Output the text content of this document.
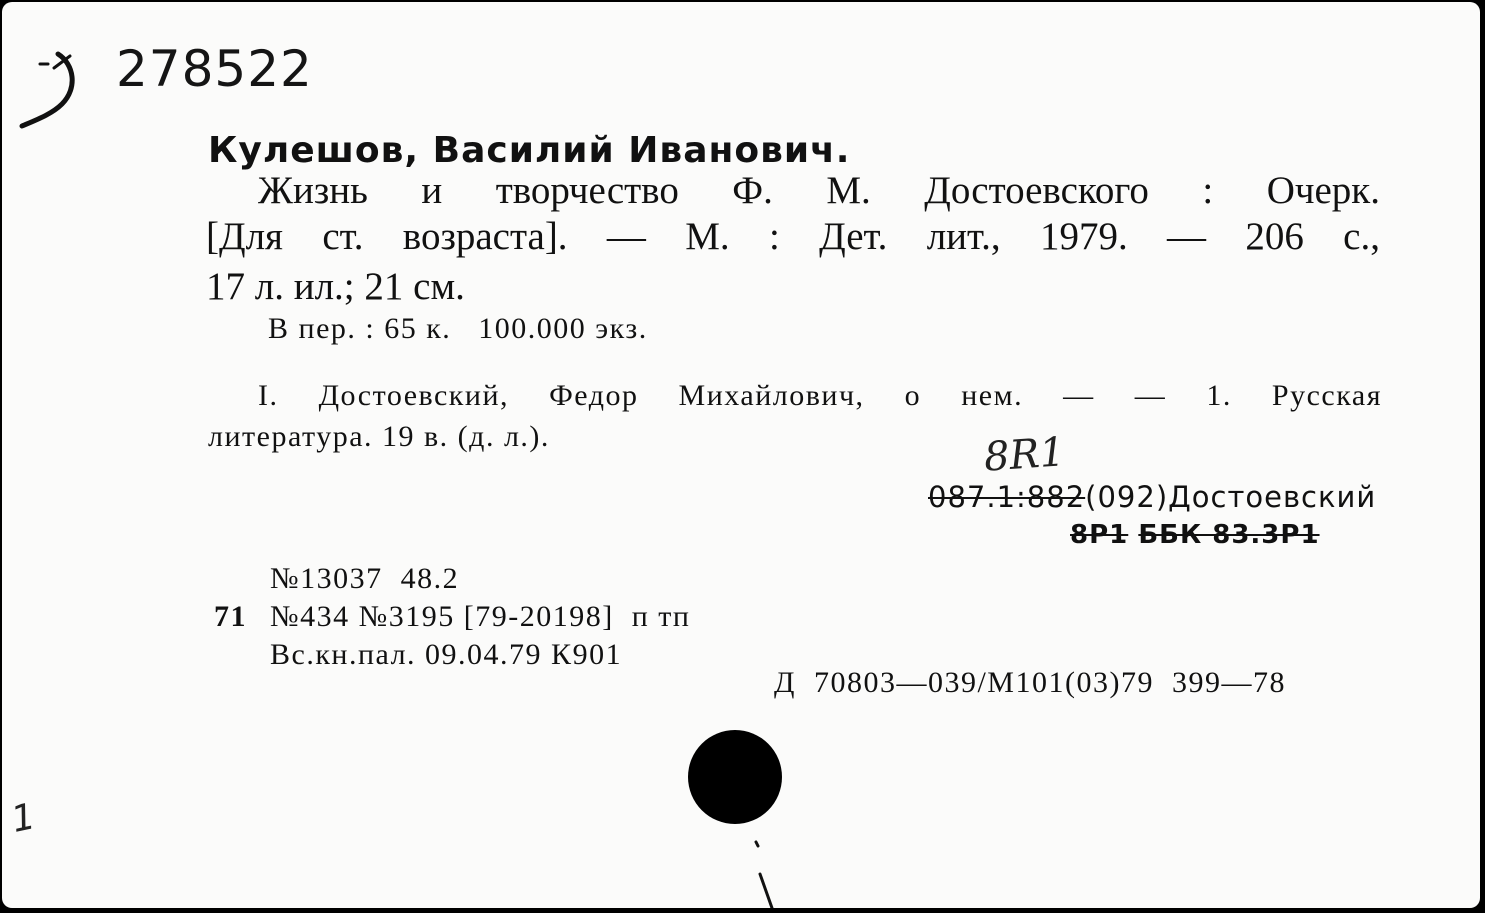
278522
Кулешов, Василий Иванович.
Жизнь и творчество Ф. М. Достоевского : Очерк.
[Для ст. возраста]. — М. : Дет. лит., 1979. — 206 с.,
17 л. ил.; 21 см.
В пер. : 65 к.   100.000 экз.
I. Достоевский, Федор Михайлович, о нем. — — 1. Русская
литература. 19 в. (д. л.).	8R1
087.1:882(092)Достоевский
8Р1 ББК 83.3Р1
№13037  48.2
71 №434 №3195 [79-20198]  п тп
Вс.кн.пал. 09.04.79 К901
Д  70803—039/М101(03)79  399—78
1
